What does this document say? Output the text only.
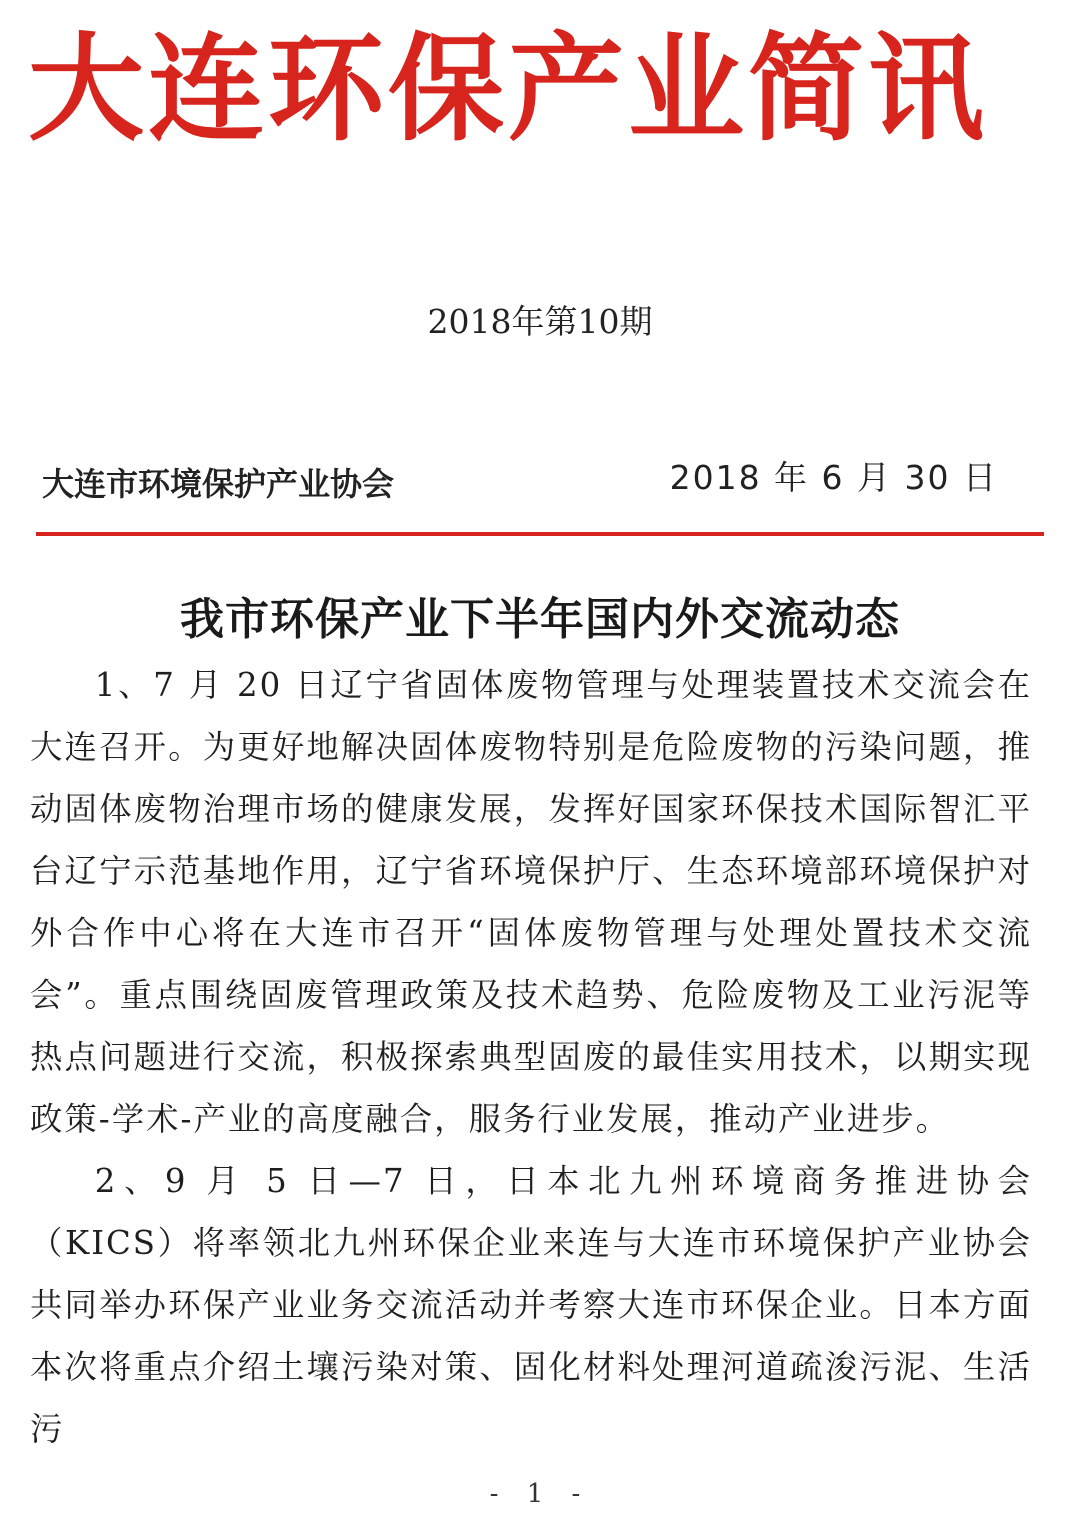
大连环保产业简讯
2018年第10期
大连市环境保护产业协会	2018 年 6 月 30 日
我市环保产业下半年国内外交流动态

1、7 月 20 日辽宁省固体废物管理与处理装置技术交流会在大连召开。为更好地解决固体废物特别是危险废物的污染问题，推动固体废物治理市场的健康发展，发挥好国家环保技术国际智汇平台辽宁示范基地作用，辽宁省环境保护厅、生态环境部环境保护对外合作中心将在大连市召开“固体废物管理与处理处置技术交流会”。重点围绕固废管理政策及技术趋势、危险废物及工业污泥等热点问题进行交流，积极探索典型固废的最佳实用技术，以期实现政策-学术-产业的高度融合，服务行业发展，推动产业进步。

2、9 月 5 日—7 日，日本北九州环境商务推进协会（KICS）将率领北九州环保企业来连与大连市环境保护产业协会共同举办环保产业业务交流活动并考察大连市环保企业。日本方面本次将重点介绍土壤污染对策、固化材料处理河道疏浚污泥、生活污

- 1 -
